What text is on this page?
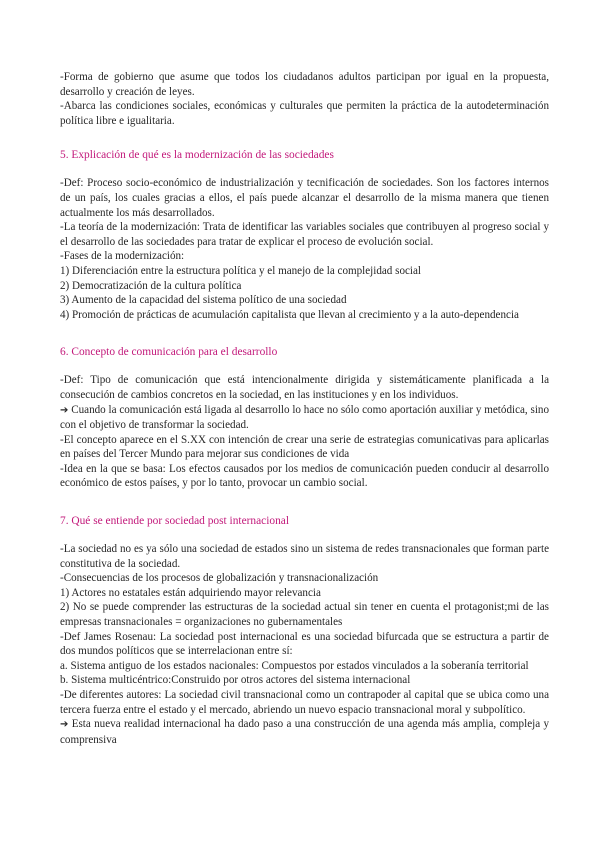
-Forma de gobierno que asume que todos los ciudadanos adultos participan por igual en la propuesta, desarrollo y creación de leyes.

-Abarca las condiciones sociales, económicas y culturales que permiten la práctica de la autodeterminación política libre e igualitaria.

5. Explicación de qué es la modernización de las sociedades

-Def: Proceso socio-económico de industrialización y tecnificación de sociedades. Son los factores internos de un país, los cuales gracias a ellos, el país puede alcanzar el desarrollo de la misma manera que tienen actualmente los más desarrollados.

-La teoría de la modernización: Trata de identificar las variables sociales que contribuyen al progreso social y el desarrollo de las sociedades para tratar de explicar el proceso de evolución social.

-Fases de la modernización:

1) Diferenciación entre la estructura política y el manejo de la complejidad social

2) Democratización de la cultura política

3) Aumento de la capacidad del sistema político de una sociedad

4) Promoción de prácticas de acumulación capitalista que llevan al crecimiento y a la auto-dependencia

6. Concepto de comunicación para el desarrollo

-Def: Tipo de comunicación que está intencionalmente dirigida y sistemáticamente planificada a la consecución de cambios concretos en la sociedad, en las instituciones y en los individuos.

➔ Cuando la comunicación está ligada al desarrollo lo hace no sólo como aportación auxiliar y metódica, sino con el objetivo de transformar la sociedad.

-El concepto aparece en el S.XX con intención de crear una serie de estrategias comunicativas para aplicarlas en países del Tercer Mundo para mejorar sus condiciones de vida

-Idea en la que se basa: Los efectos causados por los medios de comunicación pueden conducir al desarrollo económico de estos países, y por lo tanto, provocar un cambio social.

7. Qué se entiende por sociedad post internacional

-La sociedad no es ya sólo una sociedad de estados sino un sistema de redes transnacionales que forman parte constitutiva de la sociedad.

-Consecuencias de los procesos de globalización y transnacionalización

1) Actores no estatales están adquiriendo mayor relevancia

2) No se puede comprender las estructuras de la sociedad actual sin tener en cuenta el protagonist;mi de las empresas transnacionales = organizaciones no gubernamentales

-Def James Rosenau: La sociedad post internacional es una sociedad bifurcada que se estructura a partir de dos mundos políticos que se interrelacionan entre sí:

a. Sistema antiguo de los estados nacionales: Compuestos por estados vinculados a la soberanía territorial

b. Sistema multicéntrico:Construido por otros actores del sistema internacional

-De diferentes autores: La sociedad civil transnacional como un contrapoder al capital que se ubica como una tercera fuerza entre el estado y el mercado, abriendo un nuevo espacio transnacional moral y subpolítico.

➔ Esta nueva realidad internacional ha dado paso a una construcción de una agenda más amplia, compleja y comprensiva
